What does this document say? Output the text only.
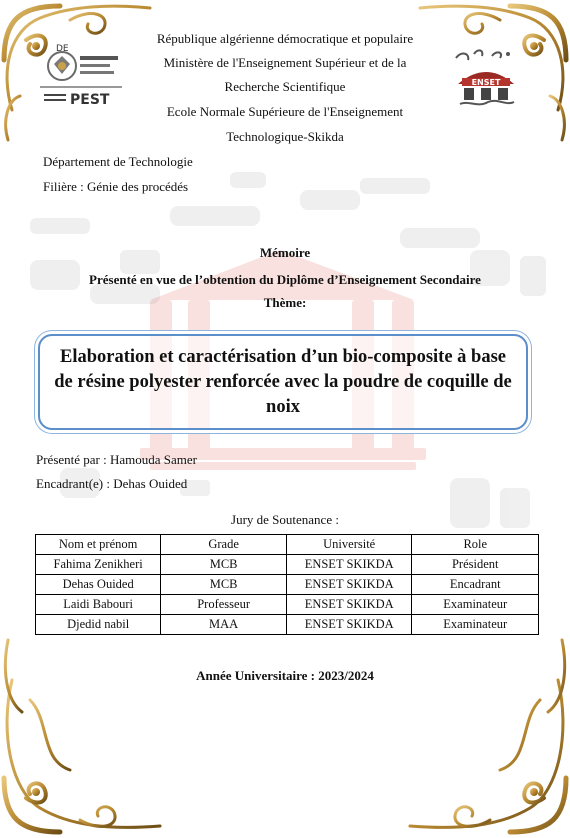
DE
PEST
ENSET
République algérienne démocratique et populaire
Ministère de l'Enseignement Supérieur et de la
Recherche Scientifique
Ecole Normale Supérieure de l'Enseignement
Technologique-Skikda
Département de Technologie
Filière : Génie des procédés
Mémoire
Présenté en vue de l’obtention du Diplôme d’Enseignement Secondaire
Thème:
Elaboration et caractérisation d’un bio-composite à base de résine polyester renforcée avec la poudre de coquille de noix
Présenté par : Hamouda Samer
Encadrant(e) : Dehas Ouided
Jury de Soutenance :
Nom et prénom	Grade	Université	Role
Fahima Zenikheri	MCB	ENSET SKIKDA	Président
Dehas Ouided	MCB	ENSET SKIKDA	Encadrant
Laidi Babouri	Professeur	ENSET SKIKDA	Examinateur
Djedid nabil	MAA	ENSET SKIKDA	Examinateur
Année Universitaire : 2023/2024
